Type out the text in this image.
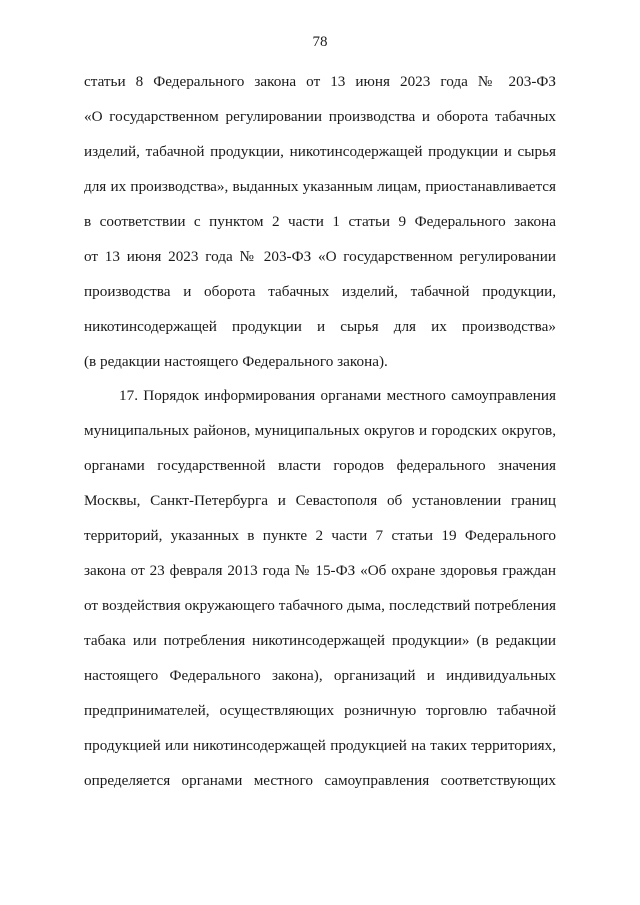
78
статьи 8 Федерального закона от 13 июня 2023 года № 203-ФЗ
«О государственном регулировании производства и оборота табачных
изделий, табачной продукции, никотинсодержащей продукции и сырья
для их производства», выданных указанным лицам, приостанавливается
в соответствии с пунктом 2 части 1 статьи 9 Федерального закона
от 13 июня 2023 года № 203-ФЗ «О государственном регулировании
производства и оборота табачных изделий, табачной продукции,
никотинсодержащей продукции и сырья для их производства»
(в редакции настоящего Федерального закона).
17. Порядок информирования органами местного самоуправления
муниципальных районов, муниципальных округов и городских округов,
органами государственной власти городов федерального значения
Москвы, Санкт-Петербурга и Севастополя об установлении границ
территорий, указанных в пункте 2 части 7 статьи 19 Федерального
закона от 23 февраля 2013 года № 15-ФЗ «Об охране здоровья граждан
от воздействия окружающего табачного дыма, последствий потребления
табака или потребления никотинсодержащей продукции» (в редакции
настоящего Федерального закона), организаций и индивидуальных
предпринимателей, осуществляющих розничную торговлю табачной
продукцией или никотинсодержащей продукцией на таких территориях,
определяется органами местного самоуправления соответствующих
